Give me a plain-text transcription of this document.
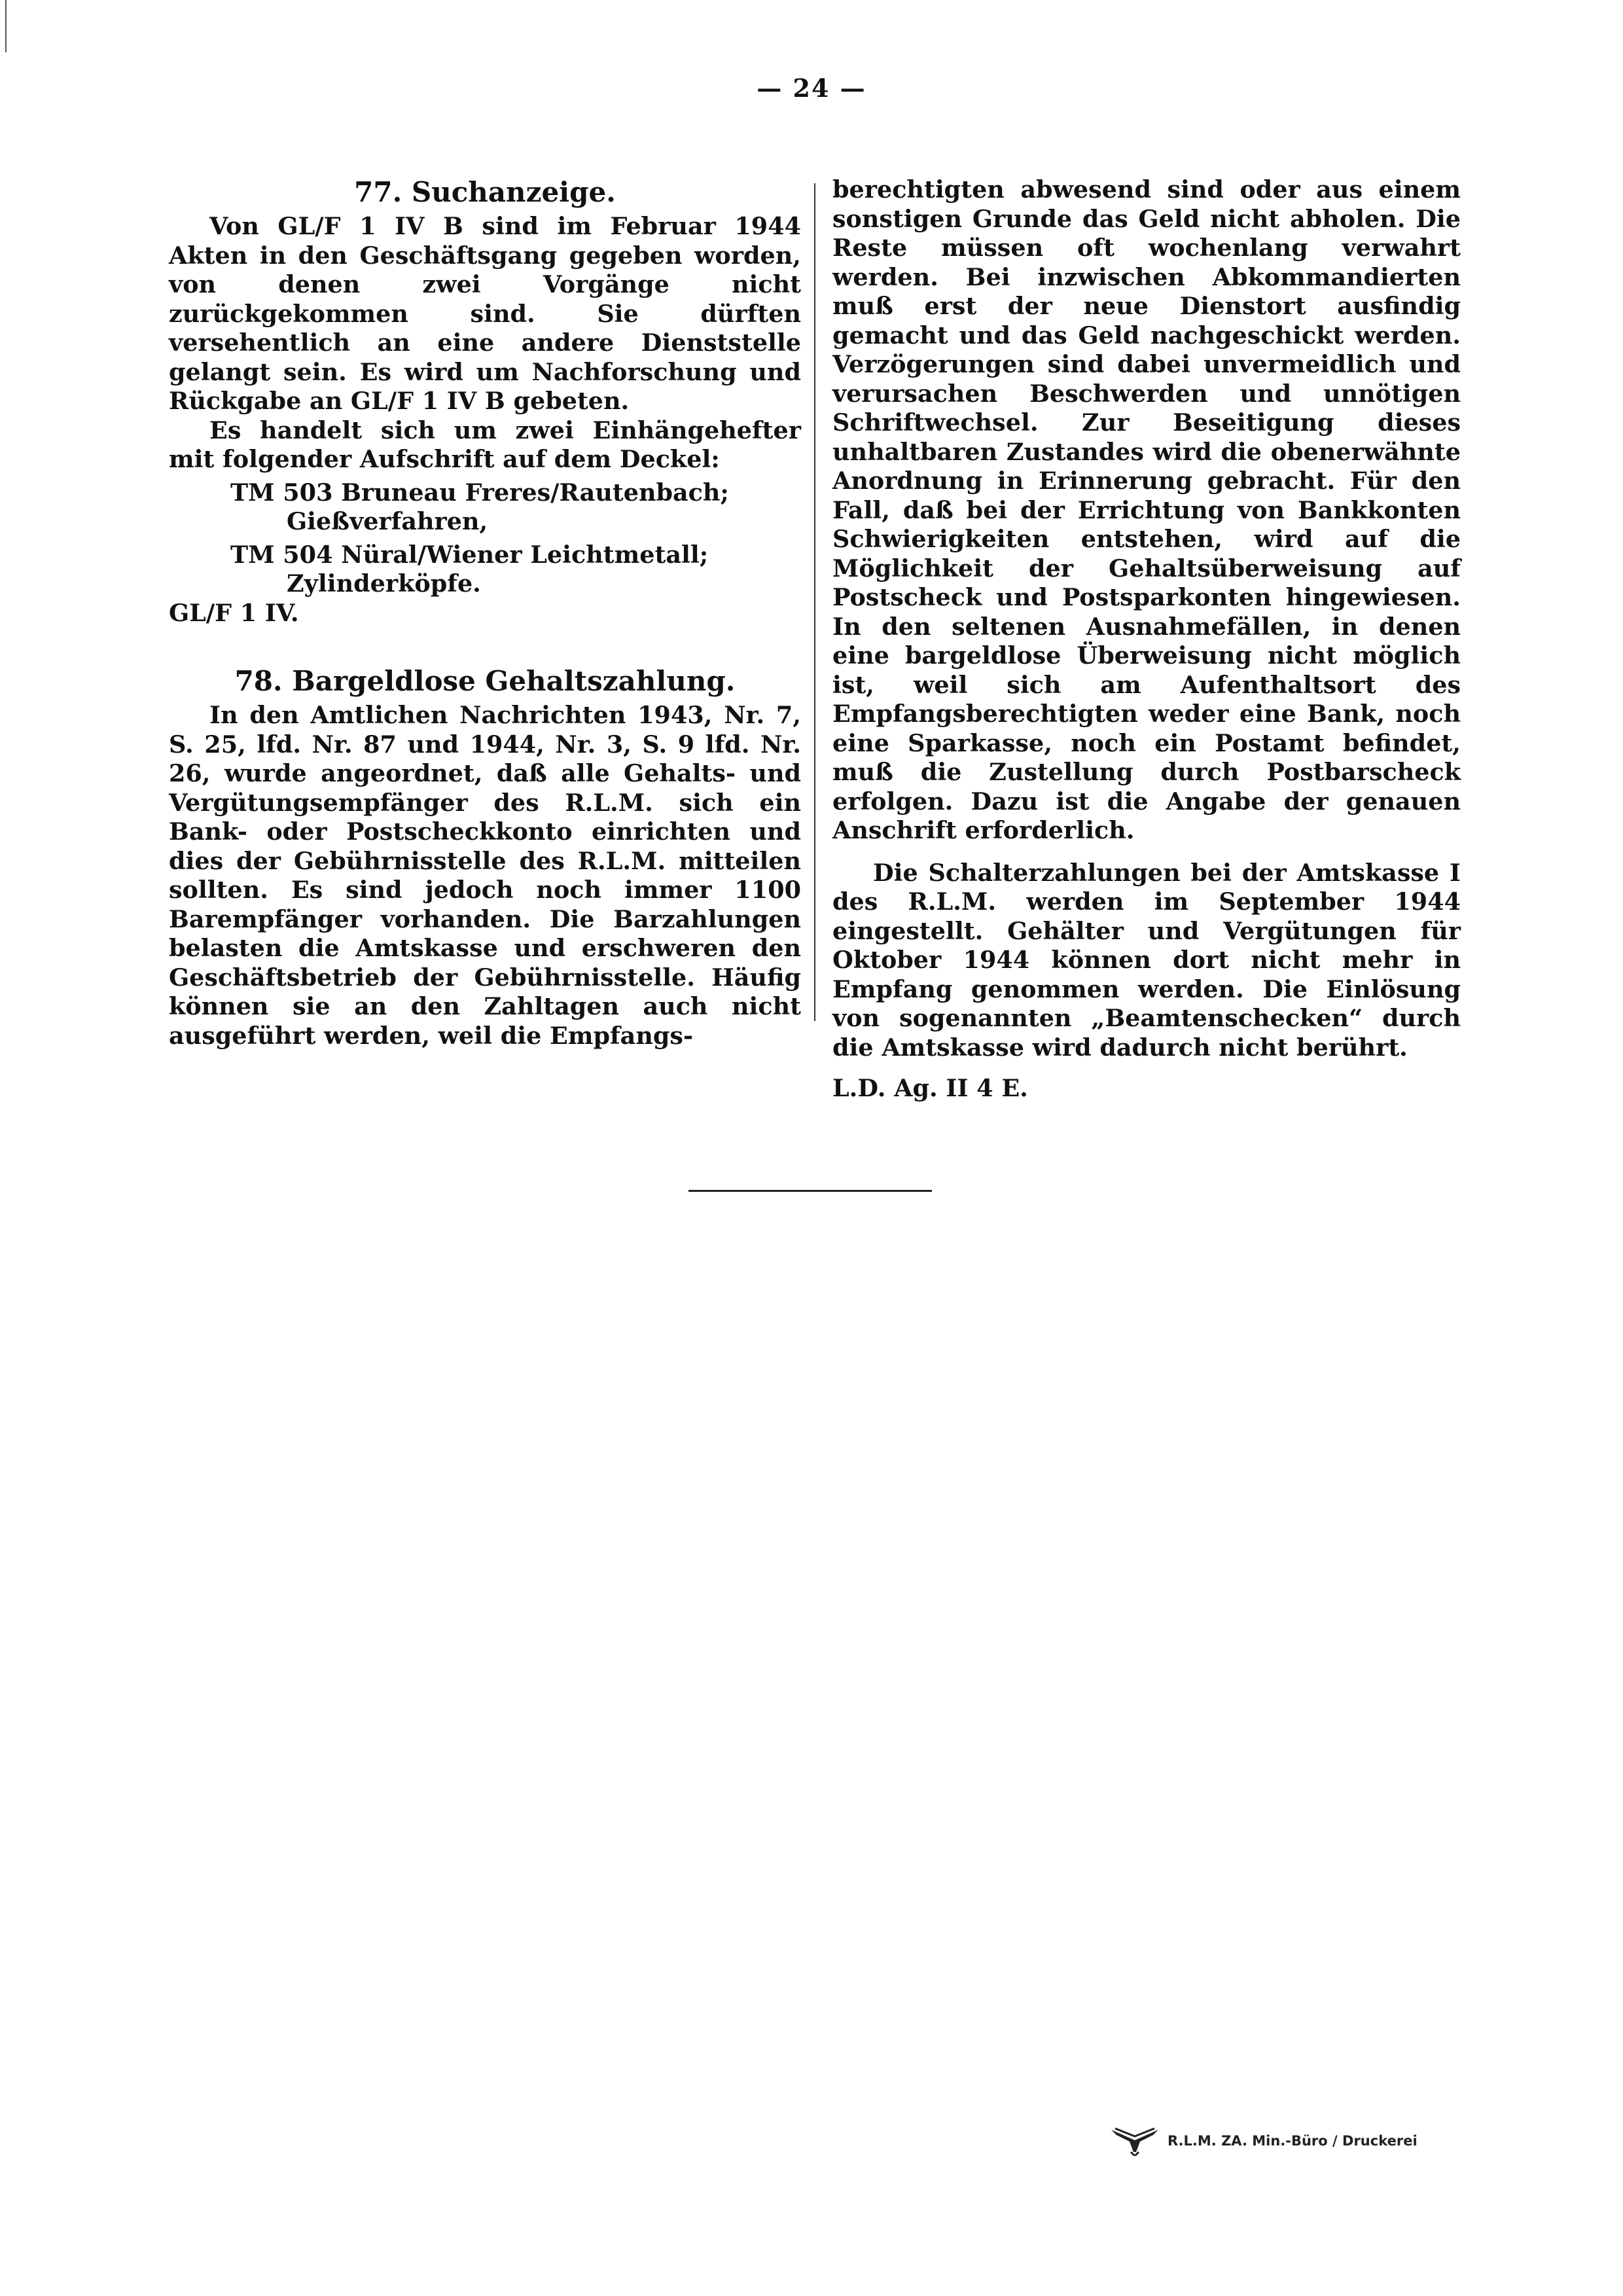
— 24 —
77. Suchanzeige.

Von GL/F 1 IV B sind im Februar 1944 Akten in den Geschäftsgang gegeben worden, von denen zwei Vorgänge nicht zurückgekommen sind. Sie dürften versehentlich an eine andere Dienststelle gelangt sein. Es wird um Nachforschung und Rückgabe an GL/F 1 IV B gebeten.

Es handelt sich um zwei Einhängehefter mit folgender Aufschrift auf dem Deckel:

TM 503 Bruneau Freres/Rautenbach;

Gießverfahren,

TM 504 Nüral/Wiener Leichtmetall;

Zylinderköpfe.

GL/F 1 IV.

78. Bargeldlose Gehaltszahlung.

In den Amtlichen Nachrichten 1943, Nr. 7, S. 25, lfd. Nr. 87 und 1944, Nr. 3, S. 9 lfd. Nr. 26, wurde angeordnet, daß alle Gehalts- und Vergütungsempfänger des R.L.M. sich ein Bank- oder Postscheckkonto einrichten und dies der Gebührnisstelle des R.L.M. mitteilen sollten. Es sind jedoch noch immer 1100 Barempfänger vorhanden. Die Barzahlungen belasten die Amtskasse und erschweren den Geschäftsbetrieb der Gebührnisstelle. Häufig können sie an den Zahltagen auch nicht ausgeführt werden, weil die Empfangs-

berechtigten abwesend sind oder aus einem sonstigen Grunde das Geld nicht abholen. Die Reste müssen oft wochenlang verwahrt werden. Bei inzwischen Abkommandierten muß erst der neue Dienstort ausfindig gemacht und das Geld nachgeschickt werden. Verzögerungen sind dabei unvermeidlich und verursachen Beschwerden und unnötigen Schriftwechsel. Zur Beseitigung dieses unhaltbaren Zustandes wird die obenerwähnte Anordnung in Erinnerung gebracht. Für den Fall, daß bei der Errichtung von Bankkonten Schwierigkeiten entstehen, wird auf die Möglichkeit der Gehaltsüberweisung auf Postscheck und Postsparkonten hingewiesen. In den seltenen Ausnahmefällen, in denen eine bargeldlose Überweisung nicht möglich ist, weil sich am Aufenthaltsort des Empfangsberechtigten weder eine Bank, noch eine Sparkasse, noch ein Postamt befindet, muß die Zustellung durch Postbarscheck erfolgen. Dazu ist die Angabe der genauen Anschrift erforderlich.

Die Schalterzahlungen bei der Amtskasse I des R.L.M. werden im September 1944 eingestellt. Gehälter und Vergütungen für Oktober 1944 können dort nicht mehr in Empfang genommen werden. Die Einlösung von sogenannten „Beamtenschecken“ durch die Amtskasse wird dadurch nicht berührt.

L.D. Ag. II 4 E.

R.L.M. ZA. Min.-Büro / Druckerei
